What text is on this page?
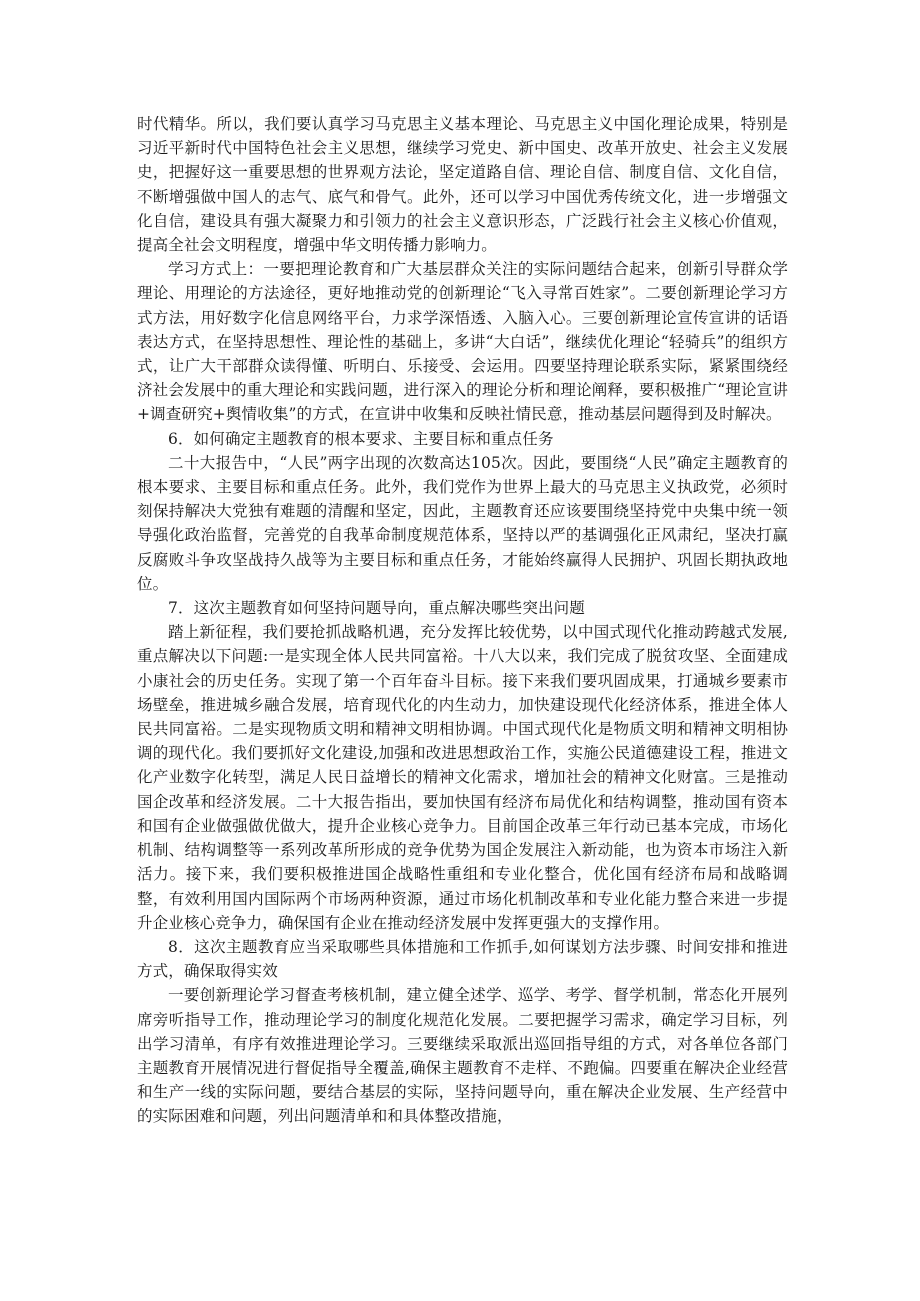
时代精华。所以，我们要认真学习马克思主义基本理论、马克思主义中国化理论成果，特别是习近平新时代中国特色社会主义思想，继续学习党史、新中国史、改革开放史、社会主义发展史，把握好这一重要思想的世界观方法论，坚定道路自信、理论自信、制度自信、文化自信，不断增强做中国人的志气、底气和骨气。此外，还可以学习中国优秀传统文化，进一步增强文化自信，建设具有强大凝聚力和引领力的社会主义意识形态，广泛践行社会主义核心价值观，提高全社会文明程度，增强中华文明传播力影响力。

学习方式上：一要把理论教育和广大基层群众关注的实际问题结合起来，创新引导群众学理论、用理论的方法途径，更好地推动党的创新理论“飞入寻常百姓家”。二要创新理论学习方式方法，用好数字化信息网络平台，力求学深悟透、入脑入心。三要创新理论宣传宣讲的话语表达方式，在坚持思想性、理论性的基础上，多讲“大白话”，继续优化理论“轻骑兵”的组织方式，让广大干部群众读得懂、听明白、乐接受、会运用。四要坚持理论联系实际，紧紧围绕经济社会发展中的重大理论和实践问题，进行深入的理论分析和理论阐释，要积极推广“理论宣讲+调查研究+舆情收集”的方式，在宣讲中收集和反映社情民意，推动基层问题得到及时解决。

6．如何确定主题教育的根本要求、主要目标和重点任务

二十大报告中，“人民”两字出现的次数高达105次。因此，要围绕“人民”确定主题教育的根本要求、主要目标和重点任务。此外，我们党作为世界上最大的马克思主义执政党，必须时刻保持解决大党独有难题的清醒和坚定，因此，主题教育还应该要围绕坚持党中央集中统一领导强化政治监督，完善党的自我革命制度规范体系，坚持以严的基调强化正风肃纪，坚决打赢反腐败斗争攻坚战持久战等为主要目标和重点任务，才能始终赢得人民拥护、巩固长期执政地位。

7．这次主题教育如何坚持问题导向，重点解决哪些突出问题

踏上新征程，我们要抢抓战略机遇，充分发挥比较优势，以中国式现代化推动跨越式发展,重点解决以下问题:一是实现全体人民共同富裕。十八大以来，我们完成了脱贫攻坚、全面建成小康社会的历史任务。实现了第一个百年奋斗目标。接下来我们要巩固成果，打通城乡要素市场壁垒，推进城乡融合发展，培育现代化的内生动力，加快建设现代化经济体系，推进全体人民共同富裕。二是实现物质文明和精神文明相协调。中国式现代化是物质文明和精神文明相协调的现代化。我们要抓好文化建设,加强和改进思想政治工作，实施公民道德建设工程，推进文化产业数字化转型，满足人民日益增长的精神文化需求，增加社会的精神文化财富。三是推动国企改革和经济发展。二十大报告指出，要加快国有经济布局优化和结构调整，推动国有资本和国有企业做强做优做大，提升企业核心竞争力。目前国企改革三年行动已基本完成，市场化机制、结构调整等一系列改革所形成的竞争优势为国企发展注入新动能，也为资本市场注入新活力。接下来，我们要积极推进国企战略性重组和专业化整合，优化国有经济布局和战略调整，有效利用国内国际两个市场两种资源，通过市场化机制改革和专业化能力整合来进一步提升企业核心竞争力，确保国有企业在推动经济发展中发挥更强大的支撑作用。

8．这次主题教育应当采取哪些具体措施和工作抓手,如何谋划方法步骤、时间安排和推进方式，确保取得实效

一要创新理论学习督查考核机制，建立健全述学、巡学、考学、督学机制，常态化开展列席旁听指导工作，推动理论学习的制度化规范化发展。二要把握学习需求，确定学习目标，列出学习清单，有序有效推进理论学习。三要继续采取派出巡回指导组的方式，对各单位各部门主题教育开展情况进行督促指导全覆盖,确保主题教育不走样、不跑偏。四要重在解决企业经营和生产一线的实际问题，要结合基层的实际，坚持问题导向，重在解决企业发展、生产经营中的实际困难和问题，列出问题清单和和具体整改措施，
